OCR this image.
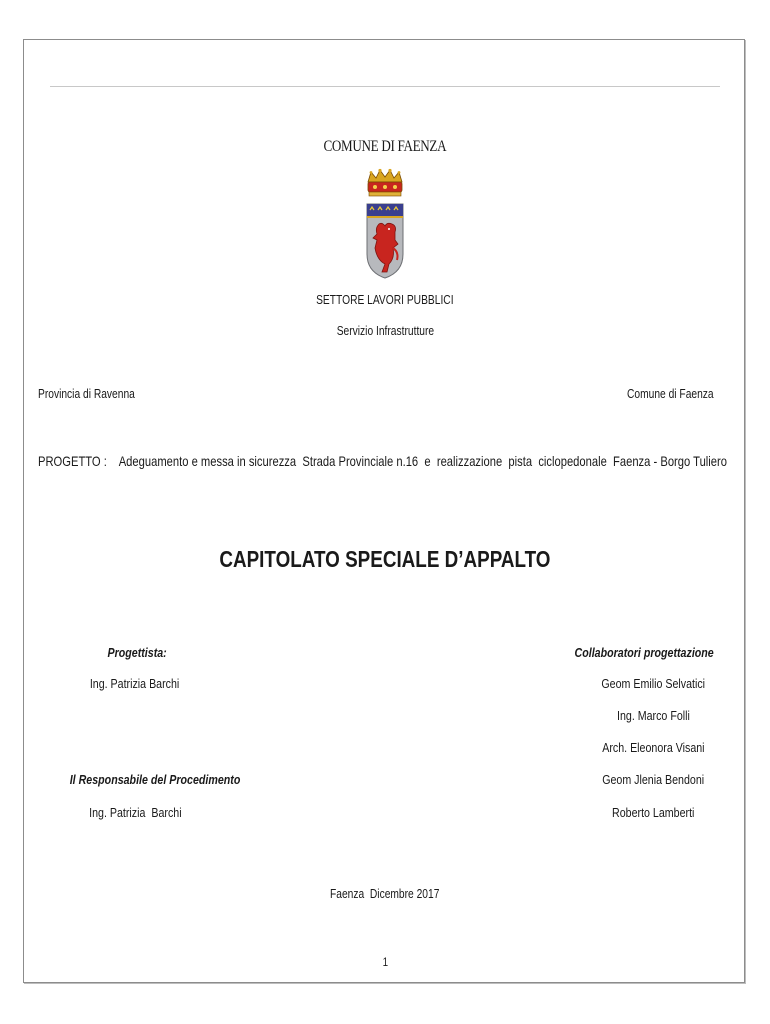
COMUNE DI FAENZA
SETTORE LAVORI PUBBLICI
Servizio Infrastrutture
Provincia di Ravenna	Comune di Faenza
PROGETTO : Adeguamento e messa in sicurezza  Strada Provinciale n.16  e  realizzazione  pista  ciclopedonale  Faenza - Borgo Tuliero
CAPITOLATO SPECIALE D’APPALTO
Progettista:
Ing. Patrizia Barchi
Il Responsabile del Procedimento
Ing. Patrizia  Barchi
Collaboratori progettazione
Geom Emilio Selvatici
Ing. Marco Folli
Arch. Eleonora Visani
Geom Jlenia Bendoni
Roberto Lamberti
Faenza  Dicembre 2017
1
